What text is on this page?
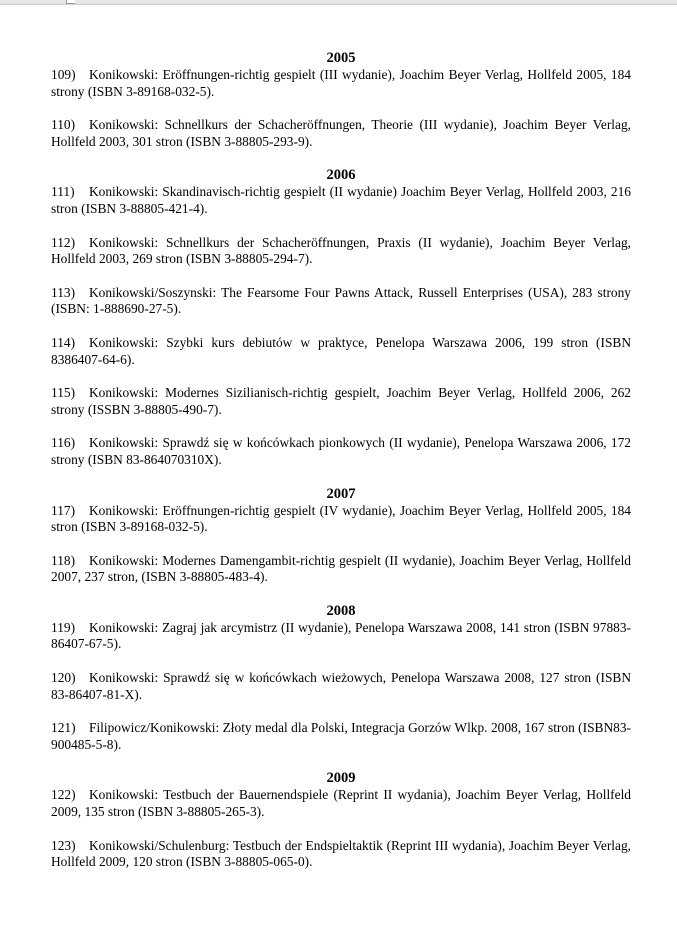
2005

109) Konikowski: Eröffnungen-richtig gespielt (III wydanie), Joachim Beyer Verlag, Hollfeld 2005, 184 strony (ISBN 3-89168-032-5).

110) Konikowski: Schnellkurs der Schacheröffnungen, Theorie (III wydanie), Joachim Beyer Verlag, Hollfeld 2003, 301 stron (ISBN 3-88805-293-9).

2006

111) Konikowski: Skandinavisch-richtig gespielt (II wydanie) Joachim Beyer Verlag, Hollfeld 2003, 216 stron (ISBN 3-88805-421-4).

112) Konikowski: Schnellkurs der Schacheröffnungen, Praxis (II wydanie), Joachim Beyer Verlag, Hollfeld 2003, 269 stron (ISBN 3-88805-294-7).

113) Konikowski/Soszynski: The Fearsome Four Pawns Attack, Russell Enterprises (USA), 283 strony (ISBN: 1-888690-27-5).

114) Konikowski: Szybki kurs debiutów w praktyce, Penelopa Warszawa 2006, 199 stron (ISBN 8386407-64-6).

115) Konikowski: Modernes Sizilianisch-richtig gespielt, Joachim Beyer Verlag, Hollfeld 2006, 262 strony (ISSBN 3-88805-490-7).

116) Konikowski: Sprawdź się w końcówkach pionkowych (II wydanie), Penelopa Warszawa 2006, 172 strony (ISBN 83-864070310X).

2007

117) Konikowski: Eröffnungen-richtig gespielt (IV wydanie), Joachim Beyer Verlag, Hollfeld 2005, 184 stron (ISBN 3-89168-032-5).

118) Konikowski: Modernes Damengambit-richtig gespielt (II wydanie), Joachim Beyer Verlag, Hollfeld 2007, 237 stron, (ISBN 3-88805-483-4).

2008

119) Konikowski: Zagraj jak arcymistrz (II wydanie), Penelopa Warszawa 2008, 141 stron (ISBN 97883-86407-67-5).

120) Konikowski: Sprawdź się w końcówkach wieżowych, Penelopa Warszawa 2008, 127 stron (ISBN 83-86407-81-X).

121) Filipowicz/Konikowski: Złoty medal dla Polski, Integracja Gorzów Wlkp. 2008, 167 stron (ISBN83-900485-5-8).

2009

122) Konikowski: Testbuch der Bauernendspiele (Reprint II wydania), Joachim Beyer Verlag, Hollfeld 2009, 135 stron (ISBN 3-88805-265-3).

123) Konikowski/Schulenburg: Testbuch der Endspieltaktik (Reprint III wydania), Joachim Beyer Verlag,     Hollfeld 2009, 120 stron (ISBN 3-88805-065-0).
